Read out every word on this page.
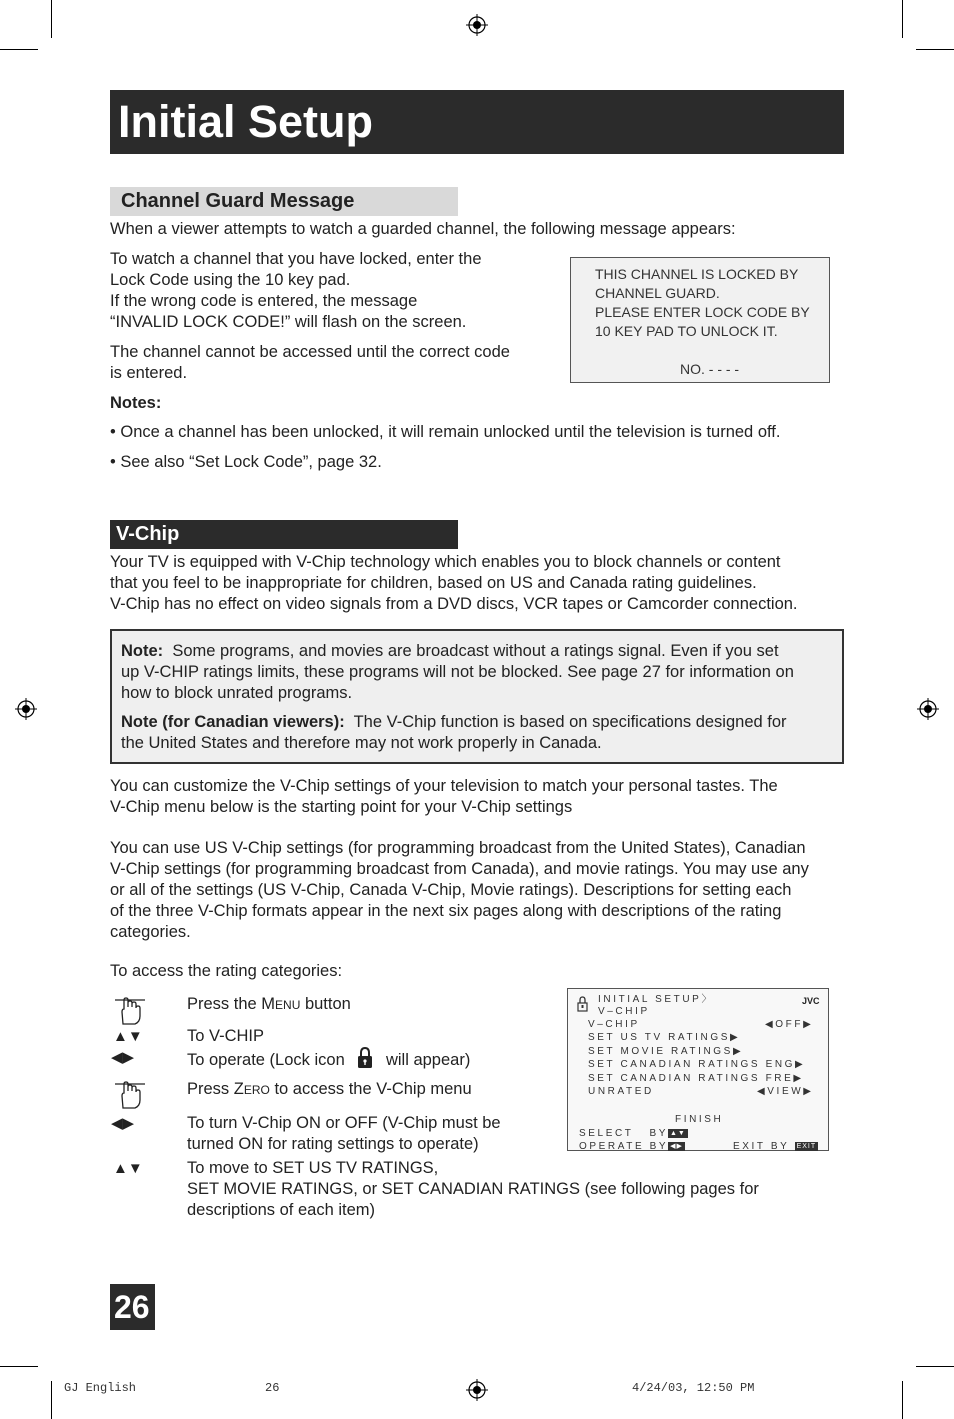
Initial Setup
Channel Guard Message
When a viewer attempts to watch a guarded channel, the following message appears:
To watch a channel that you have locked, enter the
Lock Code using the 10 key pad.
If the wrong code is entered, the message
“INVALID LOCK CODE!” will flash on the screen.
The channel cannot be accessed until the correct code
is entered.
THIS CHANNEL IS LOCKED BY
CHANNEL GUARD.
PLEASE ENTER LOCK CODE BY
10 KEY PAD TO UNLOCK IT.
NO. - - - -
Notes:
• Once a channel has been unlocked, it will remain unlocked until the television is turned off.
• See also “Set Lock Code”, page 32.
V-Chip
Your TV is equipped with V-Chip technology which enables you to block channels or content
that you feel to be inappropriate for children, based on US and Canada rating guidelines.
V-Chip has no effect on video signals from a DVD discs, VCR tapes or Camcorder connection.
Note: Some programs, and movies are broadcast without a ratings signal. Even if you set
up V-CHIP ratings limits, these programs will not be blocked. See page 27 for information on
how to block unrated programs.
Note (for Canadian viewers): The V-Chip function is based on specifications designed for
the United States and therefore may not work properly in Canada.
You can customize the V-Chip settings of your television to match your personal tastes. The
V-Chip menu below is the starting point for your V-Chip settings
You can use US V-Chip settings (for programming broadcast from the United States), Canadian
V-Chip settings (for programming broadcast from Canada), and movie ratings. You may use any
or all of the settings (US V-Chip, Canada V-Chip, Movie ratings). Descriptions for setting each
of the three V-Chip formats appear in the next six pages along with descriptions of the rating
categories.
To access the rating categories:
Press the MENU button
▲▼	To V-CHIP
◀▶	To operate (Lock icon will appear)
Press ZERO to access the V-Chip menu
◀▶	To turn V-Chip ON or OFF (V-Chip must be
turned ON for rating settings to operate)
▲▼	To move to SET US TV RATINGS,
SET MOVIE RATINGS, or SET CANADIAN RATINGS (see following pages for
descriptions of each item)
INITIAL SETUP〉	JVC
V–CHIP
V–CHIP	◀OFF▶
SET US TV RATINGS▶
SET MOVIE RATINGS▶
SET CANADIAN RATINGS ENG▶
SET CANADIAN RATINGS FRE▶
UNRATED	◀VIEW▶
FINISH
SELECT   BY ▲▼
OPERATE BY ◀▶	EXIT BY EXIT
26
GJ English	26	4/24/03, 12:50 PM
